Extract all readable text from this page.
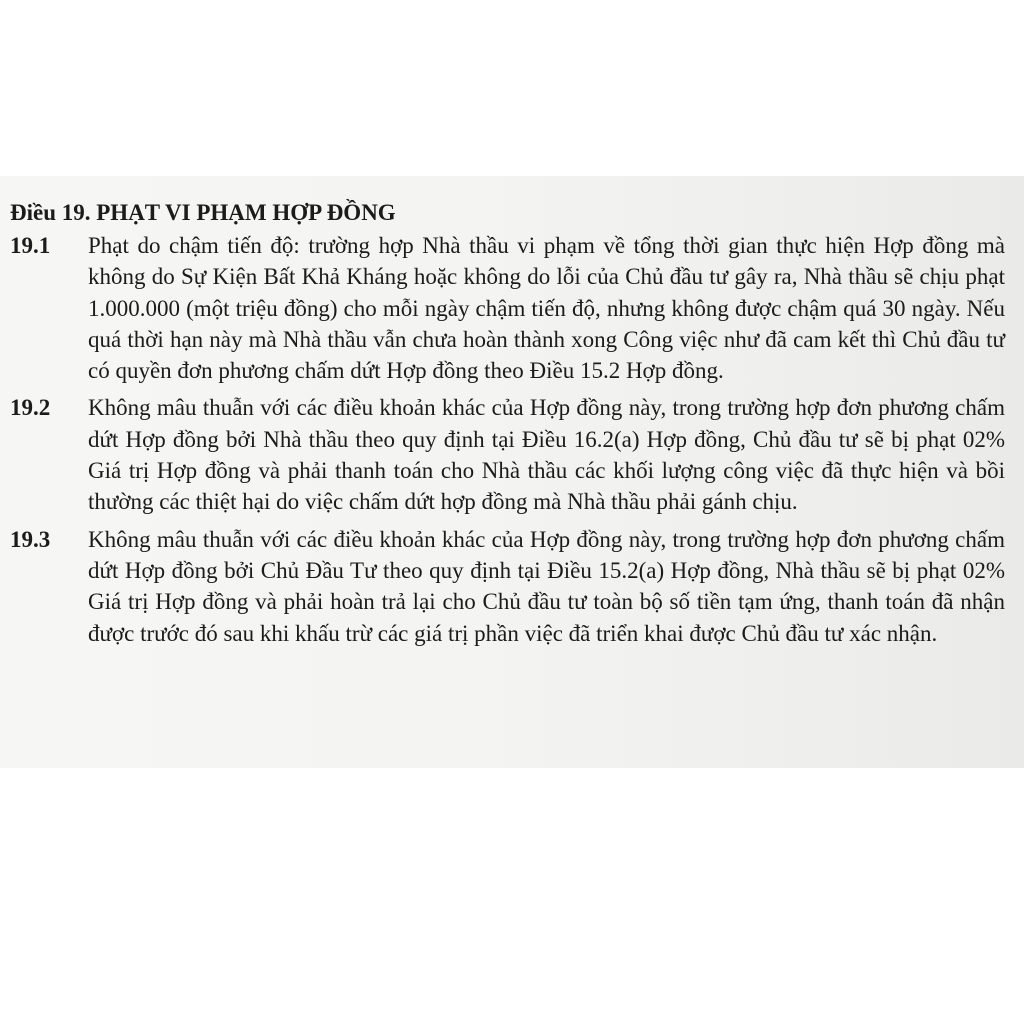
Điều 19. PHẠT VI PHẠM HỢP ĐỒNG
19.1 Phạt do chậm tiến độ: trường hợp Nhà thầu vi phạm về tổng thời gian thực hiện Hợp đồng mà không do Sự Kiện Bất Khả Kháng hoặc không do lỗi của Chủ đầu tư gây ra, Nhà thầu sẽ chịu phạt 1.000.000 (một triệu đồng) cho mỗi ngày chậm tiến độ, nhưng không được chậm quá 30 ngày. Nếu quá thời hạn này mà Nhà thầu vẫn chưa hoàn thành xong Công việc như đã cam kết thì Chủ đầu tư có quyền đơn phương chấm dứt Hợp đồng theo Điều 15.2 Hợp đồng.
19.2 Không mâu thuẫn với các điều khoản khác của Hợp đồng này, trong trường hợp đơn phương chấm dứt Hợp đồng bởi Nhà thầu theo quy định tại Điều 16.2(a) Hợp đồng, Chủ đầu tư sẽ bị phạt 02% Giá trị Hợp đồng và phải thanh toán cho Nhà thầu các khối lượng công việc đã thực hiện và bồi thường các thiệt hại do việc chấm dứt hợp đồng mà Nhà thầu phải gánh chịu.
19.3 Không mâu thuẫn với các điều khoản khác của Hợp đồng này, trong trường hợp đơn phương chấm dứt Hợp đồng bởi Chủ Đầu Tư theo quy định tại Điều 15.2(a) Hợp đồng, Nhà thầu sẽ bị phạt 02% Giá trị Hợp đồng và phải hoàn trả lại cho Chủ đầu tư toàn bộ số tiền tạm ứng, thanh toán đã nhận được trước đó sau khi khấu trừ các giá trị phần việc đã triển khai được Chủ đầu tư xác nhận.
